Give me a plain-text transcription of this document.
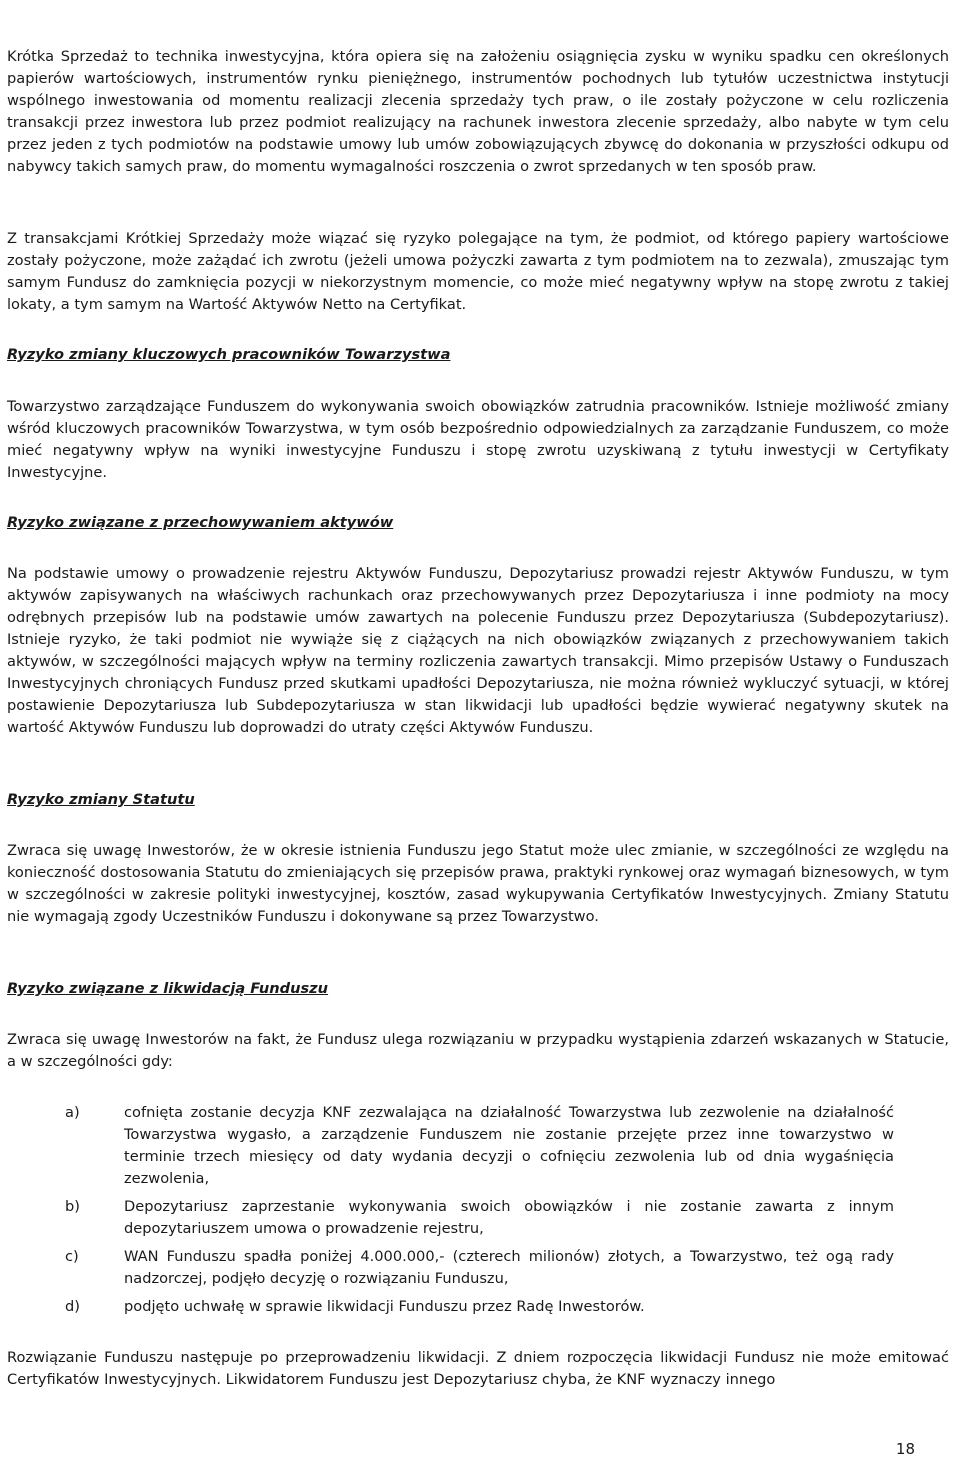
Krótka Sprzedaż to technika inwestycyjna, która opiera się na założeniu osiągnięcia zysku w wyniku spadku cen określonych papierów wartościowych, instrumentów rynku pieniężnego, instrumentów pochodnych lub tytułów uczestnictwa instytucji wspólnego inwestowania od momentu realizacji zlecenia sprzedaży tych praw, o ile zostały pożyczone w celu rozliczenia transakcji przez inwestora lub przez podmiot realizujący na rachunek inwestora zlecenie sprzedaży, albo nabyte w tym celu przez jeden z tych podmiotów na podstawie umowy lub umów zobowiązujących zbywcę do dokonania w przyszłości odkupu od nabywcy takich samych praw, do momentu wymagalności roszczenia o zwrot sprzedanych w ten sposób praw.

Z transakcjami Krótkiej Sprzedaży może wiązać się ryzyko polegające na tym, że podmiot, od którego papiery wartościowe zostały pożyczone, może zażądać ich zwrotu (jeżeli umowa pożyczki zawarta z tym podmiotem na to zezwala), zmuszając tym samym Fundusz do zamknięcia pozycji w niekorzystnym momencie, co może mieć negatywny wpływ na stopę zwrotu z takiej lokaty, a tym samym na Wartość Aktywów Netto na Certyfikat.

Ryzyko zmiany kluczowych pracowników Towarzystwa

Towarzystwo zarządzające Funduszem do wykonywania swoich obowiązków zatrudnia pracowników. Istnieje możliwość zmiany wśród kluczowych pracowników Towarzystwa, w tym osób bezpośrednio odpowiedzialnych za zarządzanie Funduszem, co może mieć negatywny wpływ na wyniki inwestycyjne Funduszu i stopę zwrotu uzyskiwaną z tytułu inwestycji w Certyfikaty Inwestycyjne.

Ryzyko związane z przechowywaniem aktywów

Na podstawie umowy o prowadzenie rejestru Aktywów Funduszu, Depozytariusz prowadzi rejestr Aktywów Funduszu, w tym aktywów zapisywanych na właściwych rachunkach oraz przechowywanych przez Depozytariusza i inne podmioty na mocy odrębnych przepisów lub na podstawie umów zawartych na polecenie Funduszu przez Depozytariusza (Subdepozytariusz). Istnieje ryzyko, że taki podmiot nie wywiąże się z ciążących na nich obowiązków związanych z przechowywaniem takich aktywów, w szczególności mających wpływ na terminy rozliczenia zawartych transakcji. Mimo przepisów Ustawy o Funduszach Inwestycyjnych chroniących Fundusz przed skutkami upadłości Depozytariusza, nie można również wykluczyć sytuacji, w której postawienie Depozytariusza lub Subdepozytariusza w stan likwidacji lub upadłości będzie wywierać negatywny skutek na wartość Aktywów Funduszu lub doprowadzi do utraty części Aktywów Funduszu.

Ryzyko zmiany Statutu

Zwraca się uwagę Inwestorów, że w okresie istnienia Funduszu jego Statut może ulec zmianie, w szczególności ze względu na konieczność dostosowania Statutu do zmieniających się przepisów prawa, praktyki rynkowej oraz wymagań biznesowych, w tym w szczególności w zakresie polityki inwestycyjnej, kosztów, zasad wykupywania Certyfikatów Inwestycyjnych. Zmiany Statutu nie wymagają zgody Uczestników Funduszu i dokonywane są przez Towarzystwo.

Ryzyko związane z likwidacją Funduszu

Zwraca się uwagę Inwestorów na fakt, że Fundusz ulega rozwiązaniu w przypadku wystąpienia zdarzeń wskazanych w Statucie, a w szczególności gdy:

a)	cofnięta zostanie decyzja KNF zezwalająca na działalność Towarzystwa lub zezwolenie na działalność Towarzystwa wygasło, a zarządzenie Funduszem nie zostanie przejęte przez inne towarzystwo w terminie trzech miesięcy od daty wydania decyzji o cofnięciu zezwolenia lub od dnia wygaśnięcia zezwolenia,
b)	Depozytariusz zaprzestanie wykonywania swoich obowiązków i nie zostanie zawarta z innym depozytariuszem umowa o prowadzenie rejestru,
c)	WAN Funduszu spadła poniżej 4.000.000,- (czterech milionów) złotych, a Towarzystwo, też ogą rady nadzorczej, podjęło decyzję o rozwiązaniu Funduszu,
d)	podjęto uchwałę w sprawie likwidacji Funduszu przez Radę Inwestorów.

Rozwiązanie Funduszu następuje po przeprowadzeniu likwidacji. Z dniem rozpoczęcia likwidacji Fundusz nie może emitować Certyfikatów Inwestycyjnych. Likwidatorem Funduszu jest Depozytariusz chyba, że KNF wyznaczy innego

18
